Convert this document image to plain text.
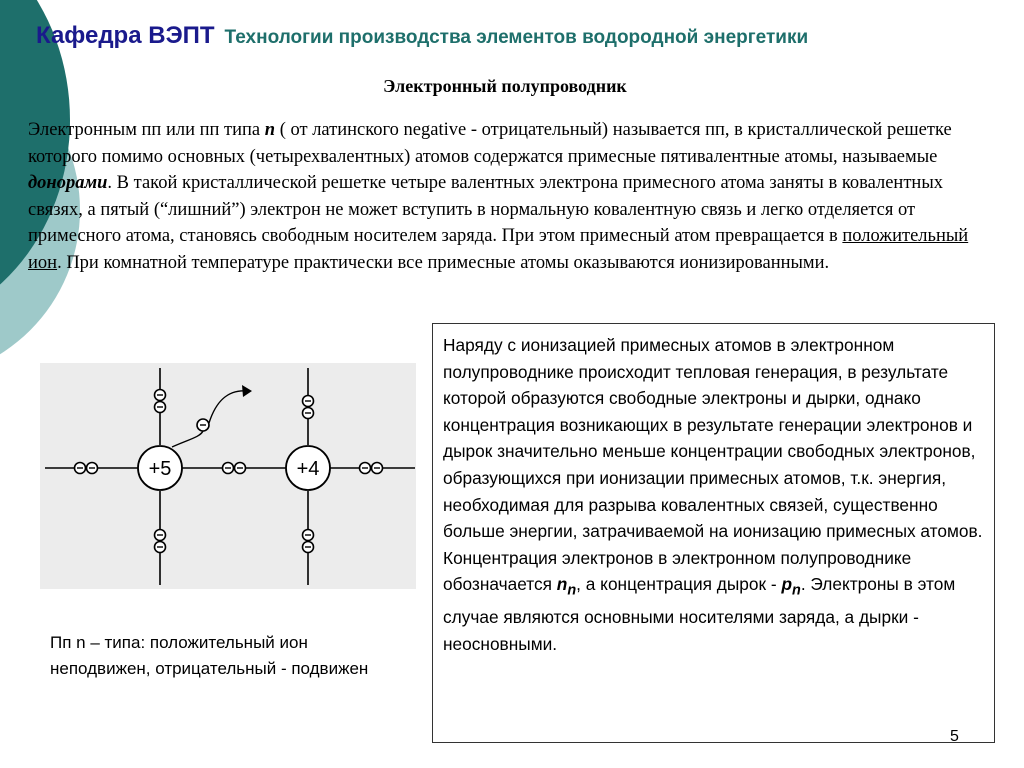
Кафедра ВЭПТ Технологии производства элементов водородной энергетики
Электронный полупроводник
Электронным пп или пп типа n ( от латинского negative - отрицательный) называется пп, в кристаллической решетке которого помимо основных (четырехвалентных) атомов содержатся примесные пятивалентные атомы, называемые донорами. В такой кристаллической решетке четыре валентных электрона примесного атома заняты в ковалентных связях, а пятый (“лишний”) электрон не может вступить в нормальную ковалентную связь и легко отделяется от примесного атома, становясь свободным носителем заряда. При этом примесный атом превращается в положительный ион. При комнатной температуре практически все примесные атомы оказываются ионизированными.
+5	+4
Пп n – типа: положительный ион неподвижен, отрицательный - подвижен
Наряду с ионизацией примесных атомов в электронном полупроводнике происходит тепловая генерация, в результате которой образуются свободные электроны и дырки, однако концентрация возникающих в результате генерации электронов и дырок значительно меньше концентрации свободных электронов, образующихся при ионизации примесных атомов, т.к. энергия, необходимая для разрыва ковалентных связей, существенно больше энергии, затрачиваемой на ионизацию примесных атомов. Концентрация электронов в электронном полупроводнике обозначается $n_n$, а концентрация дырок - $p_n$. Электроны в этом случае являются основными носителями заряда, а дырки - неосновными.
5
